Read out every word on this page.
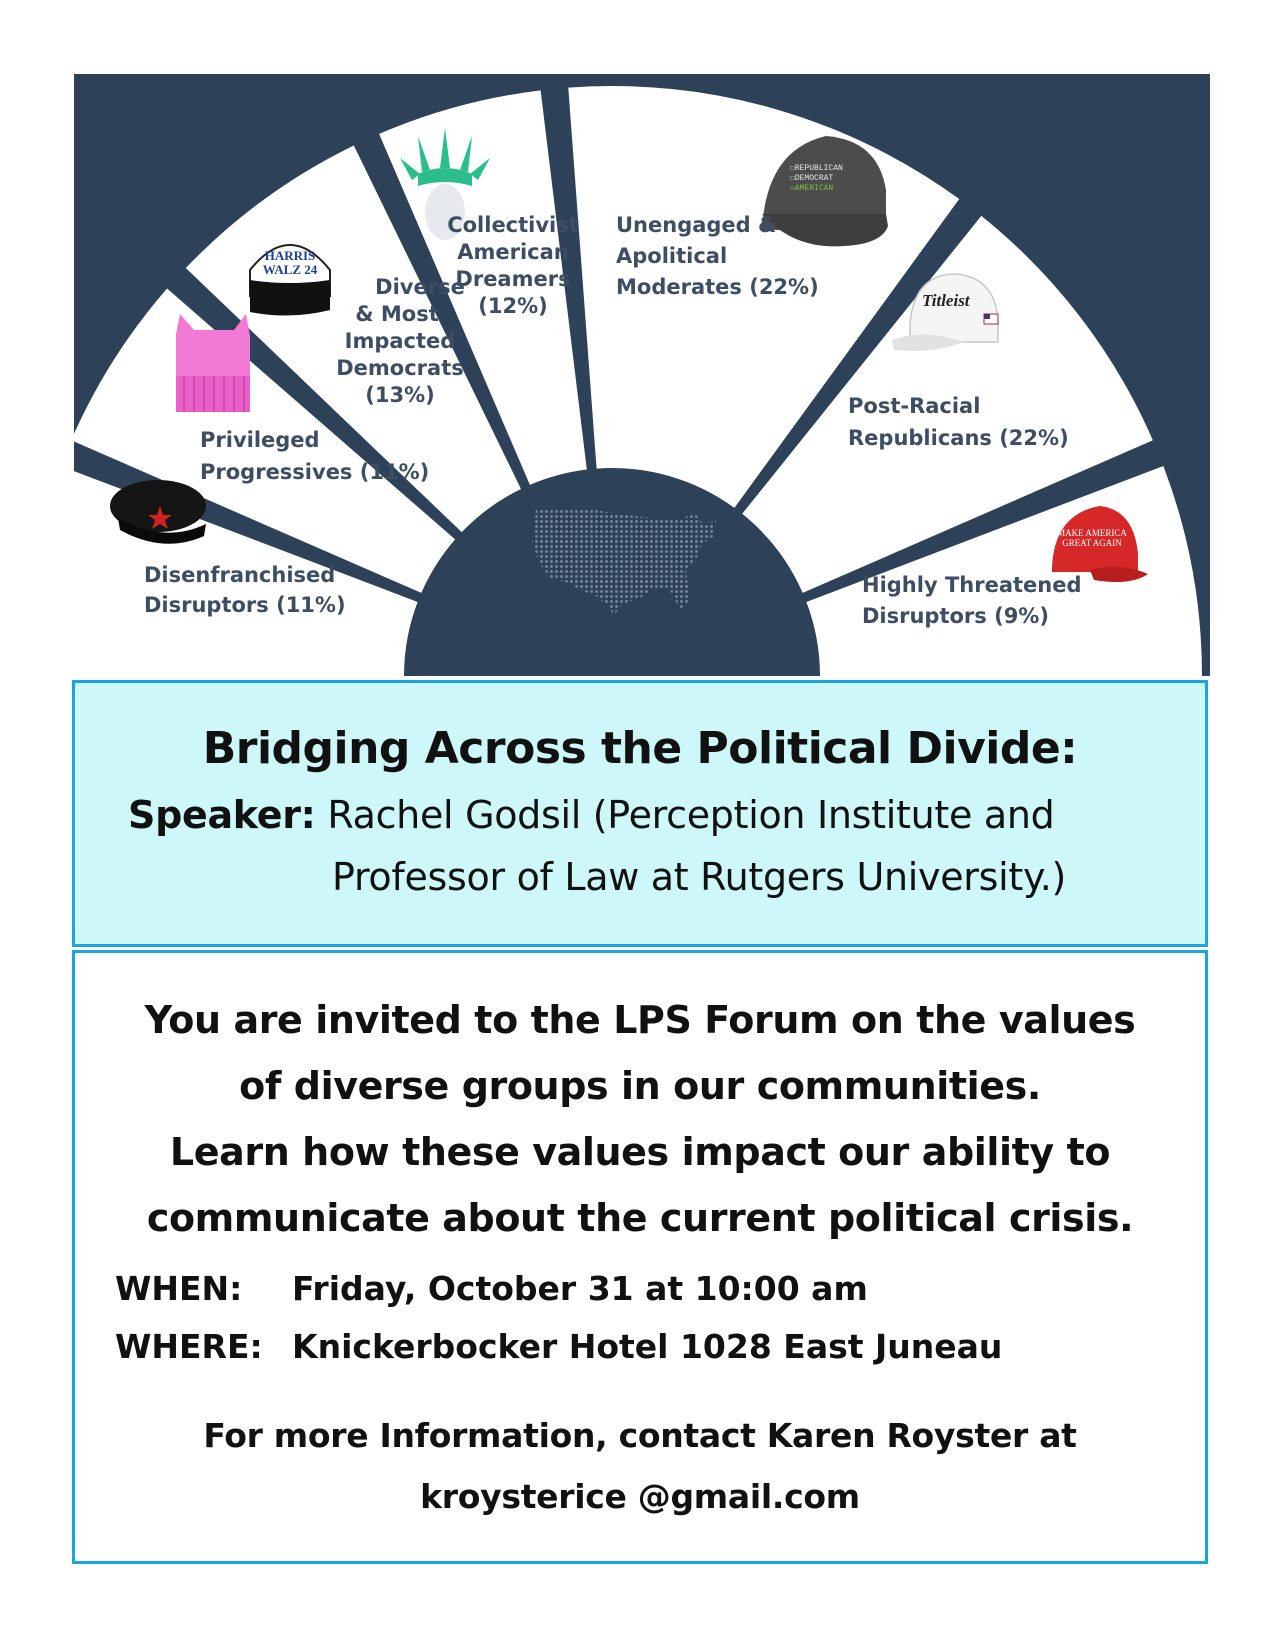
HARRIS
WALZ 24
☐REPUBLICAN
☐DEMOCRAT
☑AMERICAN
Titleist
MAKE AMERICA
GREAT AGAIN
Disenfranchised
Disruptors (11%)
Privileged
Progressives (11%)
Diverse
& Most
Impacted
Democrats
(13%)
Collectivist
American
Dreamers
(12%)
Unengaged &
Apolitical
Moderates (22%)
Post-Racial
Republicans (22%)
Highly Threatened
Disruptors (9%)
Bridging Across the Political Divide:
Speaker: Rachel Godsil (Perception Institute and
Professor of Law at Rutgers University.)
You are invited to the LPS Forum on the values
of diverse groups in our communities.
Learn how these values impact our ability to
communicate about the current political crisis.
WHEN: Friday, October 31 at 10:00 am
WHERE: Knickerbocker Hotel 1028 East Juneau
For more Information, contact Karen Royster at
kroysterice @gmail.com
